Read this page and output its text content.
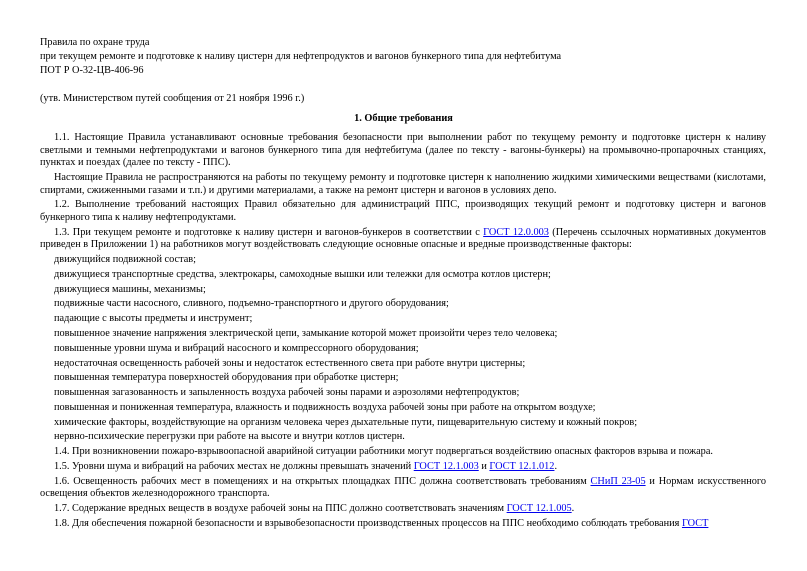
Правила по охране труда
при текущем ремонте и подготовке к наливу цистерн для нефтепродуктов и вагонов бункерного типа для нефтебитума
ПОТ Р О-32-ЦВ-406-96
(утв. Министерством путей сообщения от 21 ноября 1996 г.)
1. Общие требования

1.1. Настоящие Правила устанавливают основные требования безопасности при выполнении работ по текущему ремонту и подготовке цистерн к наливу светлыми и темными нефтепродуктами и вагонов бункерного типа для нефтебитума (далее по тексту - вагоны-бункеры) на промывочно-пропарочных станциях, пунктах и поездах (далее по тексту - ППС).

Настоящие Правила не распространяются на работы по текущему ремонту и подготовке цистерн к наполнению жидкими химическими веществами (кислотами, спиртами, сжиженными газами и т.п.) и другими материалами, а также на ремонт цистерн и вагонов в условиях депо.

1.2. Выполнение требований настоящих Правил обязательно для администраций ППС, производящих текущий ремонт и подготовку цистерн и вагонов бункерного типа к наливу нефтепродуктами.

1.3. При текущем ремонте и подготовке к наливу цистерн и вагонов-бункеров в соответствии с ГОСТ 12.0.003 (Перечень ссылочных нормативных документов приведен в Приложении 1) на работников могут воздействовать следующие основные опасные и вредные производственные факторы:

движущийся подвижной состав;
движущиеся транспортные средства, электрокары, самоходные вышки или тележки для осмотра котлов цистерн;
движущиеся машины, механизмы;
подвижные части насосного, сливного, подъемно-транспортного и другого оборудования;
падающие с высоты предметы и инструмент;
повышенное значение напряжения электрической цепи, замыкание которой может произойти через тело человека;
повышенные уровни шума и вибраций насосного и компрессорного оборудования;
недостаточная освещенность рабочей зоны и недостаток естественного света при работе внутри цистерны;
повышенная температура поверхностей оборудования при обработке цистерн;
повышенная загазованность и запыленность воздуха рабочей зоны парами и аэрозолями нефтепродуктов;
повышенная и пониженная температура, влажность и подвижность воздуха рабочей зоны при работе на открытом воздухе;
химические факторы, воздействующие на организм человека через дыхательные пути, пищеварительную систему и кожный покров;
нервно-психические перегрузки при работе на высоте и внутри котлов цистерн.

1.4. При возникновении пожаро-взрывоопасной аварийной ситуации работники могут подвергаться воздействию опасных факторов взрыва и пожара.

1.5. Уровни шума и вибраций на рабочих местах не должны превышать значений ГОСТ 12.1.003 и ГОСТ 12.1.012.

1.6. Освещенность рабочих мест в помещениях и на открытых площадках ППС должна соответствовать требованиям СНиП 23-05 и Нормам искусственного освещения объектов железнодорожного транспорта.

1.7. Содержание вредных веществ в воздухе рабочей зоны на ППС должно соответствовать значениям ГОСТ 12.1.005.

1.8. Для обеспечения пожарной безопасности и взрывобезопасности производственных процессов на ППС необходимо соблюдать требования ГОСТ
